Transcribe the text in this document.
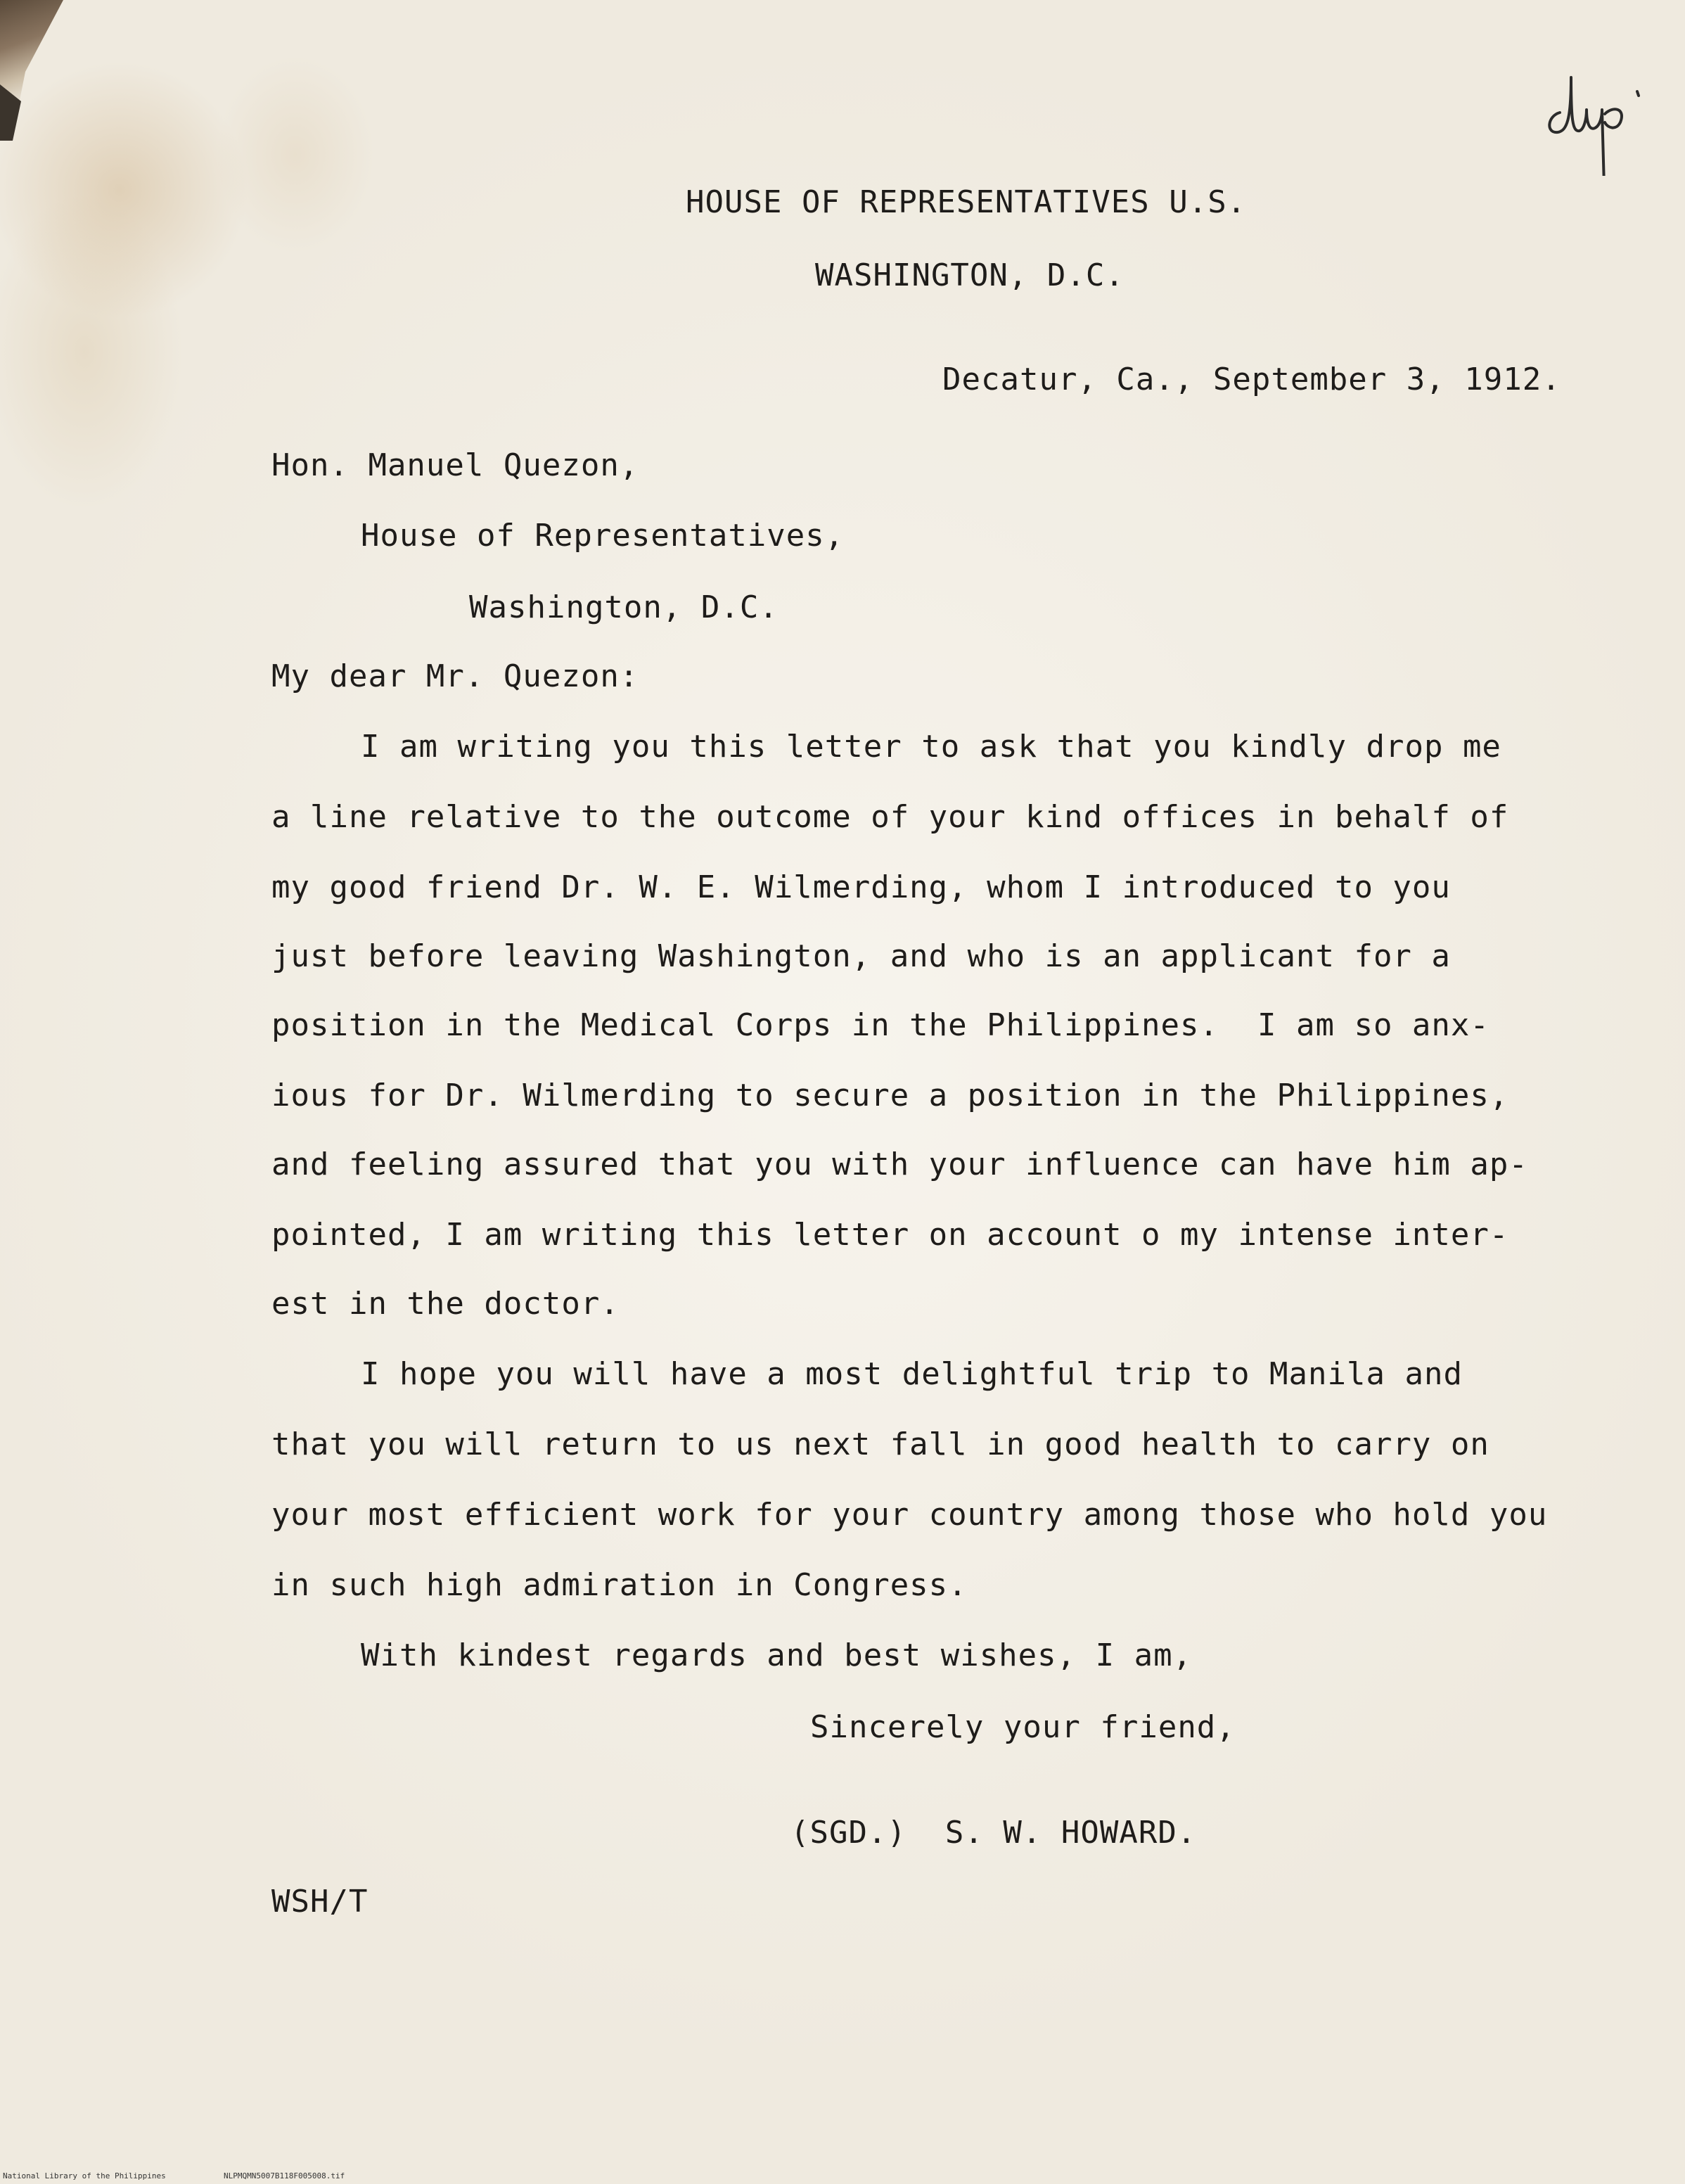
HOUSE OF REPRESENTATIVES U.S.
WASHINGTON, D.C.
Decatur, Ca., September 3, 1912.
Hon. Manuel Quezon,
House of Representatives,
Washington, D.C.
My dear Mr. Quezon:
I am writing you this letter to ask that you kindly drop me
a line relative to the outcome of your kind offices in behalf of
my good friend Dr. W. E. Wilmerding, whom I introduced to you
just before leaving Washington, and who is an applicant for a
position in the Medical Corps in the Philippines.  I am so anx-
ious for Dr. Wilmerding to secure a position in the Philippines,
and feeling assured that you with your influence can have him ap-
pointed, I am writing this letter on account o my intense inter-
est in the doctor.
I hope you will have a most delightful trip to Manila and
that you will return to us next fall in good health to carry on
your most efficient work for your country among those who hold you
in such high admiration in Congress.
With kindest regards and best wishes, I am,
Sincerely your friend,
(SGD.)  S. W. HOWARD.
WSH/T
National Library of the Philippines	NLPMQMN5007B118F005008.tif
